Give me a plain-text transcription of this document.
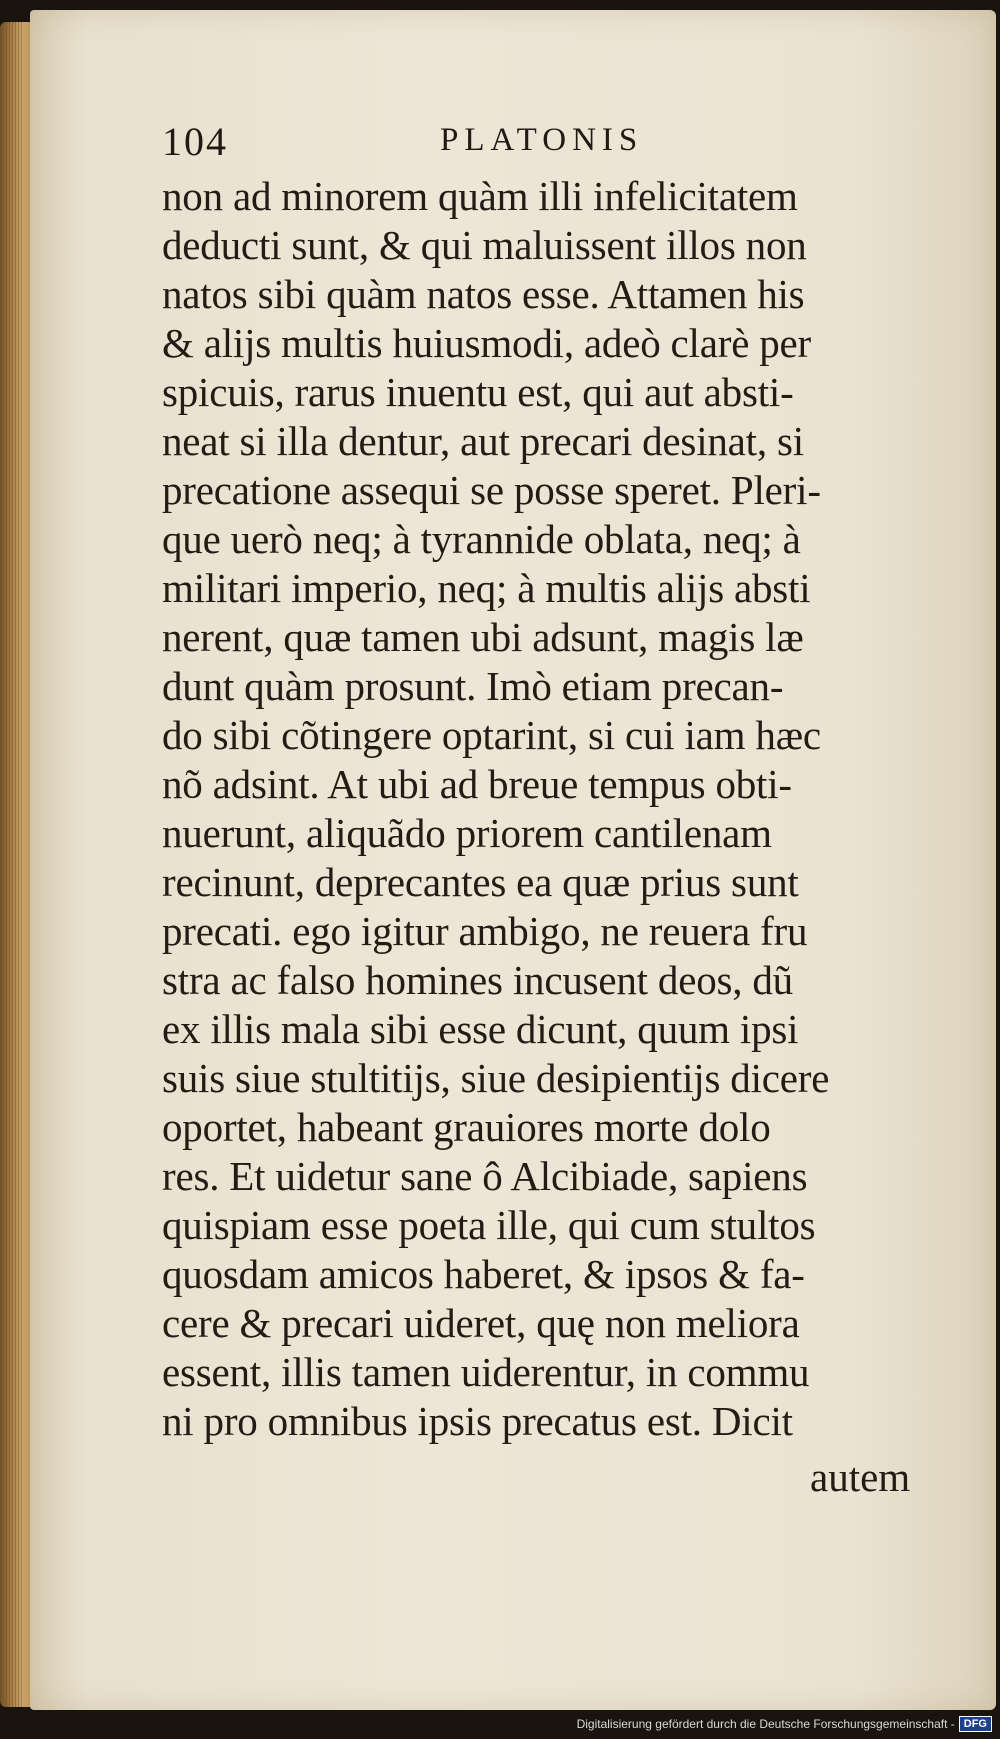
104	PLATONIS
non ad minorem quàm illi infelicitatem
deducti sunt, & qui maluissent illos non
natos sibi quàm natos esse. Attamen his
& alijs multis huiusmodi, adeò clarè per
spicuis, rarus inuentu est, qui aut absti-
neat si illa dentur, aut precari desinat, si
precatione assequi se posse speret. Pleri-
que uerò neq; à tyrannide oblata, neq; à
militari imperio, neq; à multis alijs absti
nerent, quæ tamen ubi adsunt, magis læ
dunt quàm prosunt. Imò etiam precan-
do sibi cõtingere optarint, si cui iam hæc
nõ adsint. At ubi ad breue tempus obti-
nuerunt, aliquãdo priorem cantilenam
recinunt, deprecantes ea quæ prius sunt
precati. ego igitur ambigo, ne reuera fru
stra ac falso homines incusent deos, dũ
ex illis mala sibi esse dicunt, quum ipsi
suis siue stultitijs, siue desipientijs dicere
oportet, habeant grauiores morte dolo
res. Et uidetur sane ô Alcibiade, sapiens
quispiam esse poeta ille, qui cum stultos
quosdam amicos haberet, & ipsos & fa-
cere & precari uideret, quę non meliora
essent, illis tamen uiderentur, in commu
ni pro omnibus ipsis precatus est. Dicit
autem
Digitalisierung gefördert durch die Deutsche Forschungsgemeinschaft - DFG
